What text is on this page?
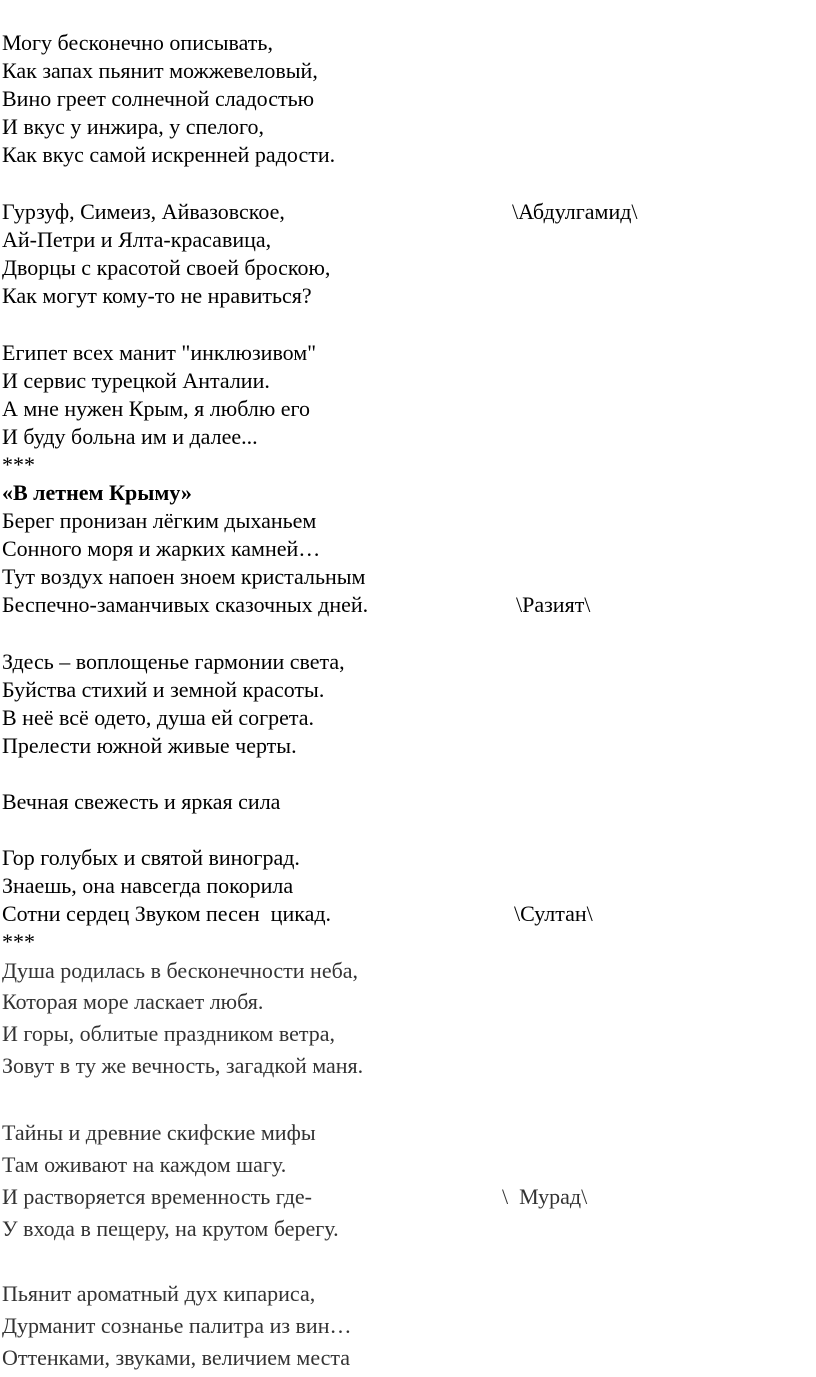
Могу бесконечно описывать,
Как запах пьянит можжевеловый,
Вино греет солнечной сладостью
И вкус у инжира, у спелого,
Как вкус самой искренней радости.
Гурзуф, Симеиз, Айвазовское,	\Абдулгамид\
Ай-Петри и Ялта-красавица,
Дворцы с красотой своей броскою,
Как могут кому-то не нравиться?
Египет всех манит "инклюзивом"
И сервис турецкой Анталии.
А мне нужен Крым, я люблю его
И буду больна им и далее...
***
«В летнем Крыму»
Берег пронизан лёгким дыханьем
Сонного моря и жарких камней…
Тут воздух напоен зноем кристальным
Беспечно-заманчивых сказочных дней.	\Разият\
Здесь – воплощенье гармонии света,
Буйства стихий и земной красоты.
В неё всё одето, душа ей согрета.
Прелести южной живые черты.
Вечная свежесть и яркая сила
Гор голубых и святой виноград.
Знаешь, она навсегда покорила
Сотни сердец Звуком песен  цикад.	\Султан\
***
Душа родилась в бесконечности неба,
Которая море ласкает любя.
И горы, облитые праздником ветра,
Зовут в ту же вечность, загадкой маня.
Тайны и древние скифские мифы
Там оживают на каждом шагу.
И растворяется временность где-	\  Мурад\
У входа в пещеру, на крутом берегу.
Пьянит ароматный дух кипариса,
Дурманит сознанье палитра из вин…
Оттенками, звуками, величием места
